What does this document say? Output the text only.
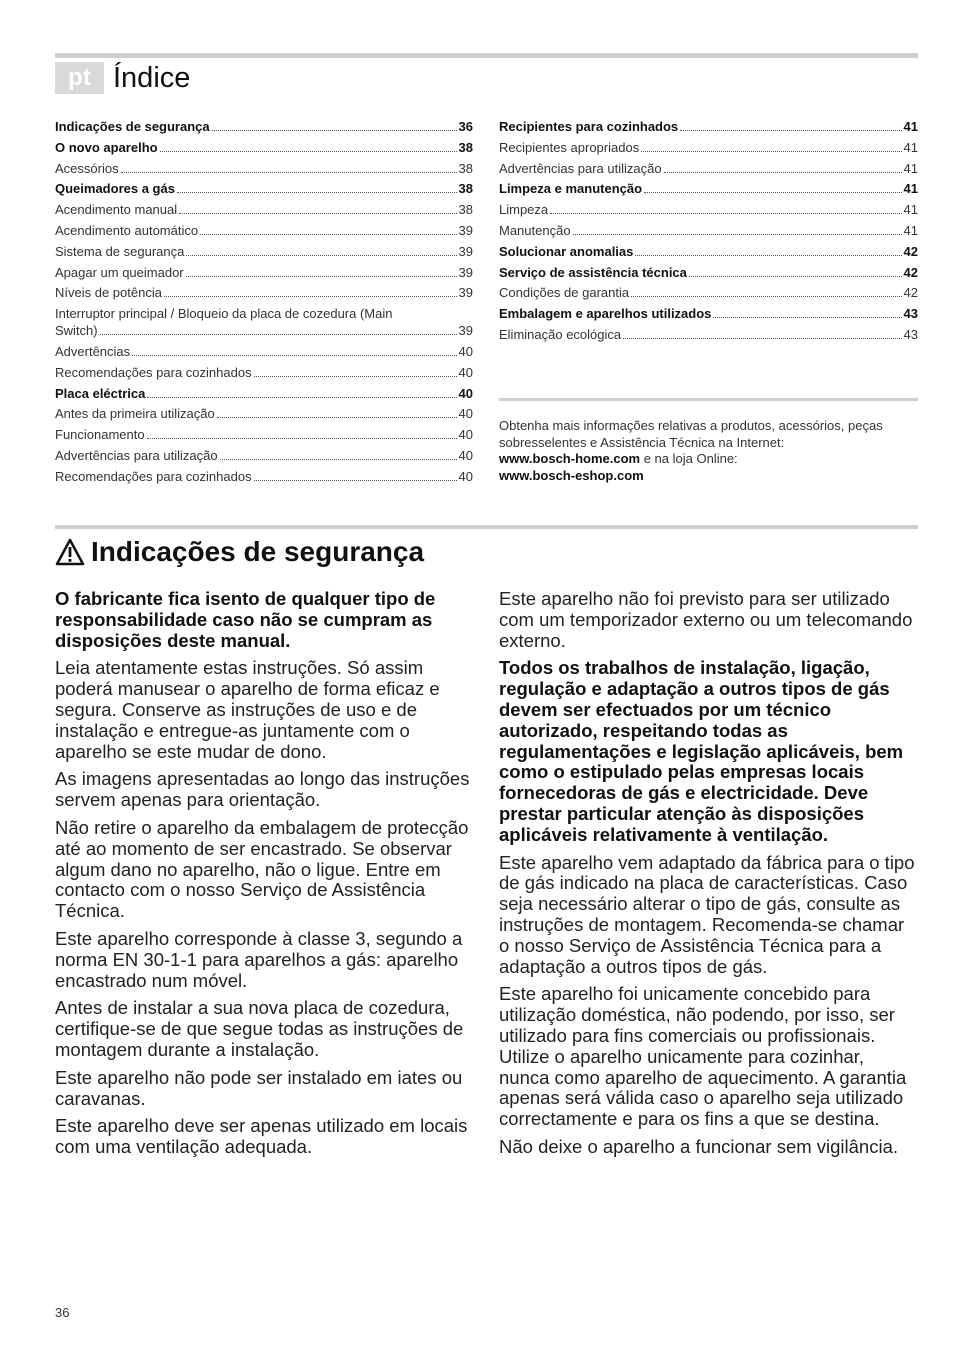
pt Índice
Indicações de segurança	36
O novo aparelho	38
Acessórios	38
Queimadores a gás	38
Acendimento manual	38
Acendimento automático	39
Sistema de segurança	39
Apagar um queimador	39
Níveis de potência	39
Interruptor principal / Bloqueio da placa de cozedura (Main
Switch)	39
Advertências	40
Recomendações para cozinhados	40
Placa eléctrica	40
Antes da primeira utilização	40
Funcionamento	40
Advertências para utilização	40
Recomendações para cozinhados	40
Recipientes para cozinhados	41
Recipientes apropriados	41
Advertências para utilização	41
Limpeza e manutenção	41
Limpeza	41
Manutenção	41
Solucionar anomalias	42
Serviço de assistência técnica	42
Condições de garantia	42
Embalagem e aparelhos utilizados	43
Eliminação ecológica	43

Obtenha mais informações relativas a produtos, acessórios, peças sobresselentes e Assistência Técnica na Internet:
www.bosch-home.com e na loja Online:
www.bosch-eshop.com

Indicações de segurança

O fabricante fica isento de qualquer tipo de responsabilidade caso não se cumpram as disposições deste manual.

Leia atentamente estas instruções. Só assim poderá manusear o aparelho de forma eficaz e segura. Conserve as instruções de uso e de instalação e entregue-as juntamente com o aparelho se este mudar de dono.

As imagens apresentadas ao longo das instruções servem apenas para orientação.

Não retire o aparelho da embalagem de protecção até ao momento de ser encastrado. Se observar algum dano no aparelho, não o ligue. Entre em contacto com o nosso Serviço de Assistência Técnica.

Este aparelho corresponde à classe 3, segundo a norma EN 30-1-1 para aparelhos a gás: aparelho encastrado num móvel.

Antes de instalar a sua nova placa de cozedura, certifique-se de que segue todas as instruções de montagem durante a instalação.

Este aparelho não pode ser instalado em iates ou caravanas.

Este aparelho deve ser apenas utilizado em locais com uma ventilação adequada.

Este aparelho não foi previsto para ser utilizado com um temporizador externo ou um telecomando externo.

Todos os trabalhos de instalação, ligação, regulação e adaptação a outros tipos de gás devem ser efectuados por um técnico autorizado, respeitando todas as regulamentações e legislação aplicáveis, bem como o estipulado pelas empresas locais fornecedoras de gás e electricidade. Deve prestar particular atenção às disposições aplicáveis relativamente à ventilação.

Este aparelho vem adaptado da fábrica para o tipo de gás indicado na placa de características. Caso seja necessário alterar o tipo de gás, consulte as instruções de montagem. Recomenda-se chamar o nosso Serviço de Assistência Técnica para a adaptação a outros tipos de gás.

Este aparelho foi unicamente concebido para utilização doméstica, não podendo, por isso, ser utilizado para fins comerciais ou profissionais. Utilize o aparelho unicamente para cozinhar, nunca como aparelho de aquecimento. A garantia apenas será válida caso o aparelho seja utilizado correctamente e para os fins a que se destina.

Não deixe o aparelho a funcionar sem vigilância.

36
